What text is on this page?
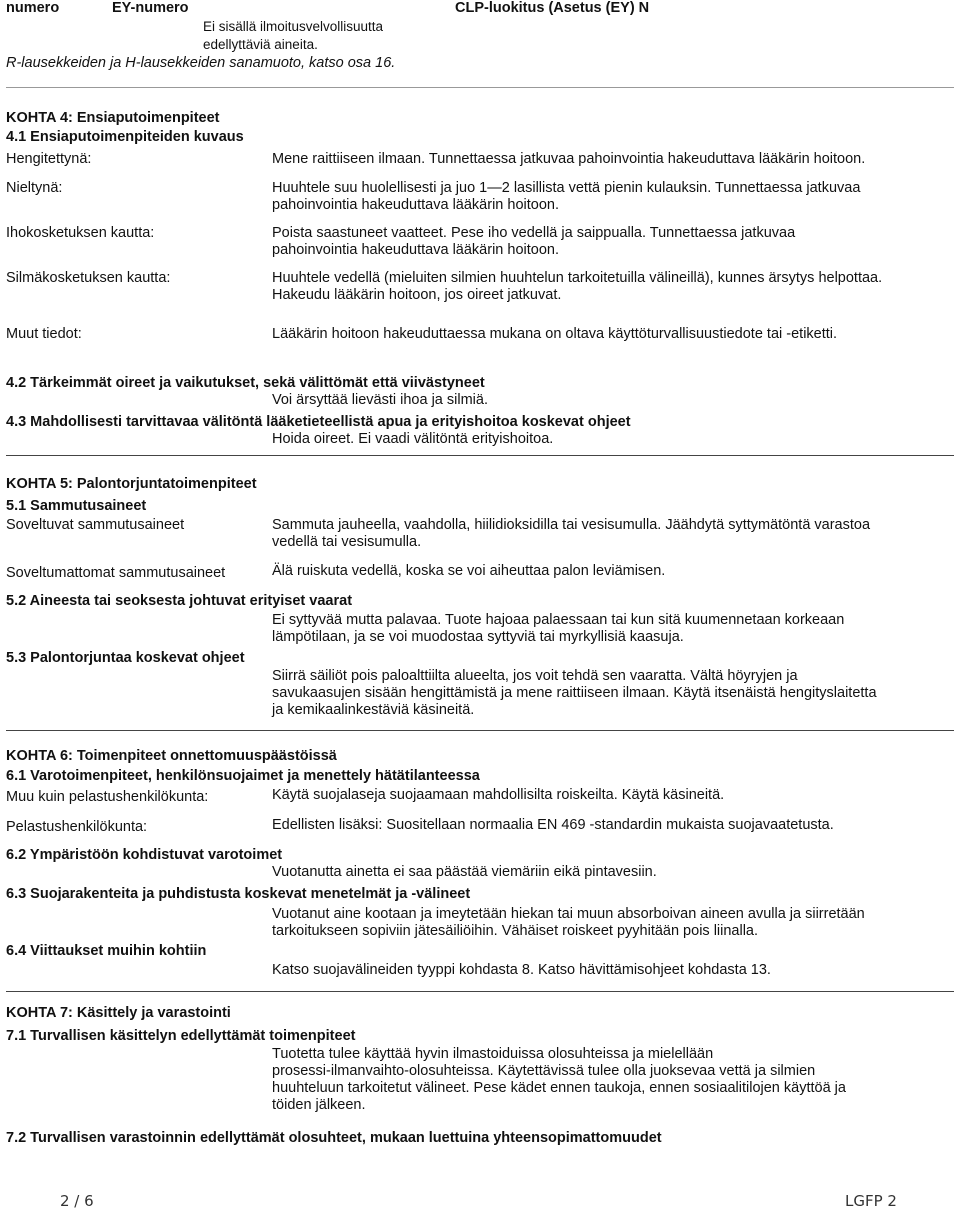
numero	EY-numero	CLP-luokitus (Asetus (EY) N
Ei sisällä ilmoitusvelvollisuutta
edellyttäviä aineita.
R-lausekkeiden ja H-lausekkeiden sanamuoto, katso osa 16.
KOHTA 4: Ensiaputoimenpiteet
4.1 Ensiaputoimenpiteiden kuvaus
Hengitettynä:	Mene raittiiseen ilmaan. Tunnettaessa jatkuvaa pahoinvointia hakeuduttava lääkärin hoitoon.
Nieltynä:	Huuhtele suu huolellisesti ja juo 1—2 lasillista vettä pienin kulauksin. Tunnettaessa jatkuvaa
pahoinvointia hakeuduttava lääkärin hoitoon.
Ihokosketuksen kautta:	Poista saastuneet vaatteet. Pese iho vedellä ja saippualla. Tunnettaessa jatkuvaa
pahoinvointia hakeuduttava lääkärin hoitoon.
Silmäkosketuksen kautta:	Huuhtele vedellä (mieluiten silmien huuhtelun tarkoitetuilla välineillä), kunnes ärsytys helpottaa.
Hakeudu lääkärin hoitoon, jos oireet jatkuvat.
Muut tiedot:	Lääkärin hoitoon hakeuduttaessa mukana on oltava käyttöturvallisuustiedote tai -etiketti.
4.2 Tärkeimmät oireet ja vaikutukset, sekä välittömät että viivästyneet
Voi ärsyttää lievästi ihoa ja silmiä.
4.3 Mahdollisesti tarvittavaa välitöntä lääketieteellistä apua ja erityishoitoa koskevat ohjeet
Hoida oireet. Ei vaadi välitöntä erityishoitoa.
KOHTA 5: Palontorjuntatoimenpiteet
5.1 Sammutusaineet
Soveltuvat sammutusaineet	Sammuta jauheella, vaahdolla, hiilidioksidilla tai vesisumulla. Jäähdytä syttymätöntä varastoa
vedellä tai vesisumulla.
Soveltumattomat sammutusaineet	Älä ruiskuta vedellä, koska se voi aiheuttaa palon leviämisen.
5.2 Aineesta tai seoksesta johtuvat erityiset vaarat
Ei syttyvää mutta palavaa. Tuote hajoaa palaessaan tai kun sitä kuumennetaan korkeaan
lämpötilaan, ja se voi muodostaa syttyviä tai myrkyllisiä kaasuja.
5.3 Palontorjuntaa koskevat ohjeet
Siirrä säiliöt pois paloalttiilta alueelta, jos voit tehdä sen vaaratta. Vältä höyryjen ja
savukaasujen sisään hengittämistä ja mene raittiiseen ilmaan. Käytä itsenäistä hengityslaitetta
ja kemikaalinkestäviä käsineitä.
KOHTA 6: Toimenpiteet onnettomuuspäästöissä
6.1 Varotoimenpiteet, henkilönsuojaimet ja menettely hätätilanteessa
Muu kuin pelastushenkilökunta:	Käytä suojalaseja suojaamaan mahdollisilta roiskeilta. Käytä käsineitä.
Pelastushenkilökunta:	Edellisten lisäksi: Suositellaan normaalia EN 469 -standardin mukaista suojavaatetusta.
6.2 Ympäristöön kohdistuvat varotoimet
Vuotanutta ainetta ei saa päästää viemäriin eikä pintavesiin.
6.3 Suojarakenteita ja puhdistusta koskevat menetelmät ja -välineet
Vuotanut aine kootaan ja imeytetään hiekan tai muun absorboivan aineen avulla ja siirretään
tarkoitukseen sopiviin jätesäiliöihin. Vähäiset roiskeet pyyhitään pois liinalla.
6.4 Viittaukset muihin kohtiin
Katso suojavälineiden tyyppi kohdasta 8. Katso hävittämisohjeet kohdasta 13.
KOHTA 7: Käsittely ja varastointi
7.1 Turvallisen käsittelyn edellyttämät toimenpiteet
Tuotetta tulee käyttää hyvin ilmastoiduissa olosuhteissa ja mielellään
prosessi-ilmanvaihto-olosuhteissa. Käytettävissä tulee olla juoksevaa vettä ja silmien
huuhteluun tarkoitetut välineet. Pese kädet ennen taukoja, ennen sosiaalitilojen käyttöä ja
töiden jälkeen.
7.2 Turvallisen varastoinnin edellyttämät olosuhteet, mukaan luettuina yhteensopimattomuudet
2 / 6	LGFP 2
